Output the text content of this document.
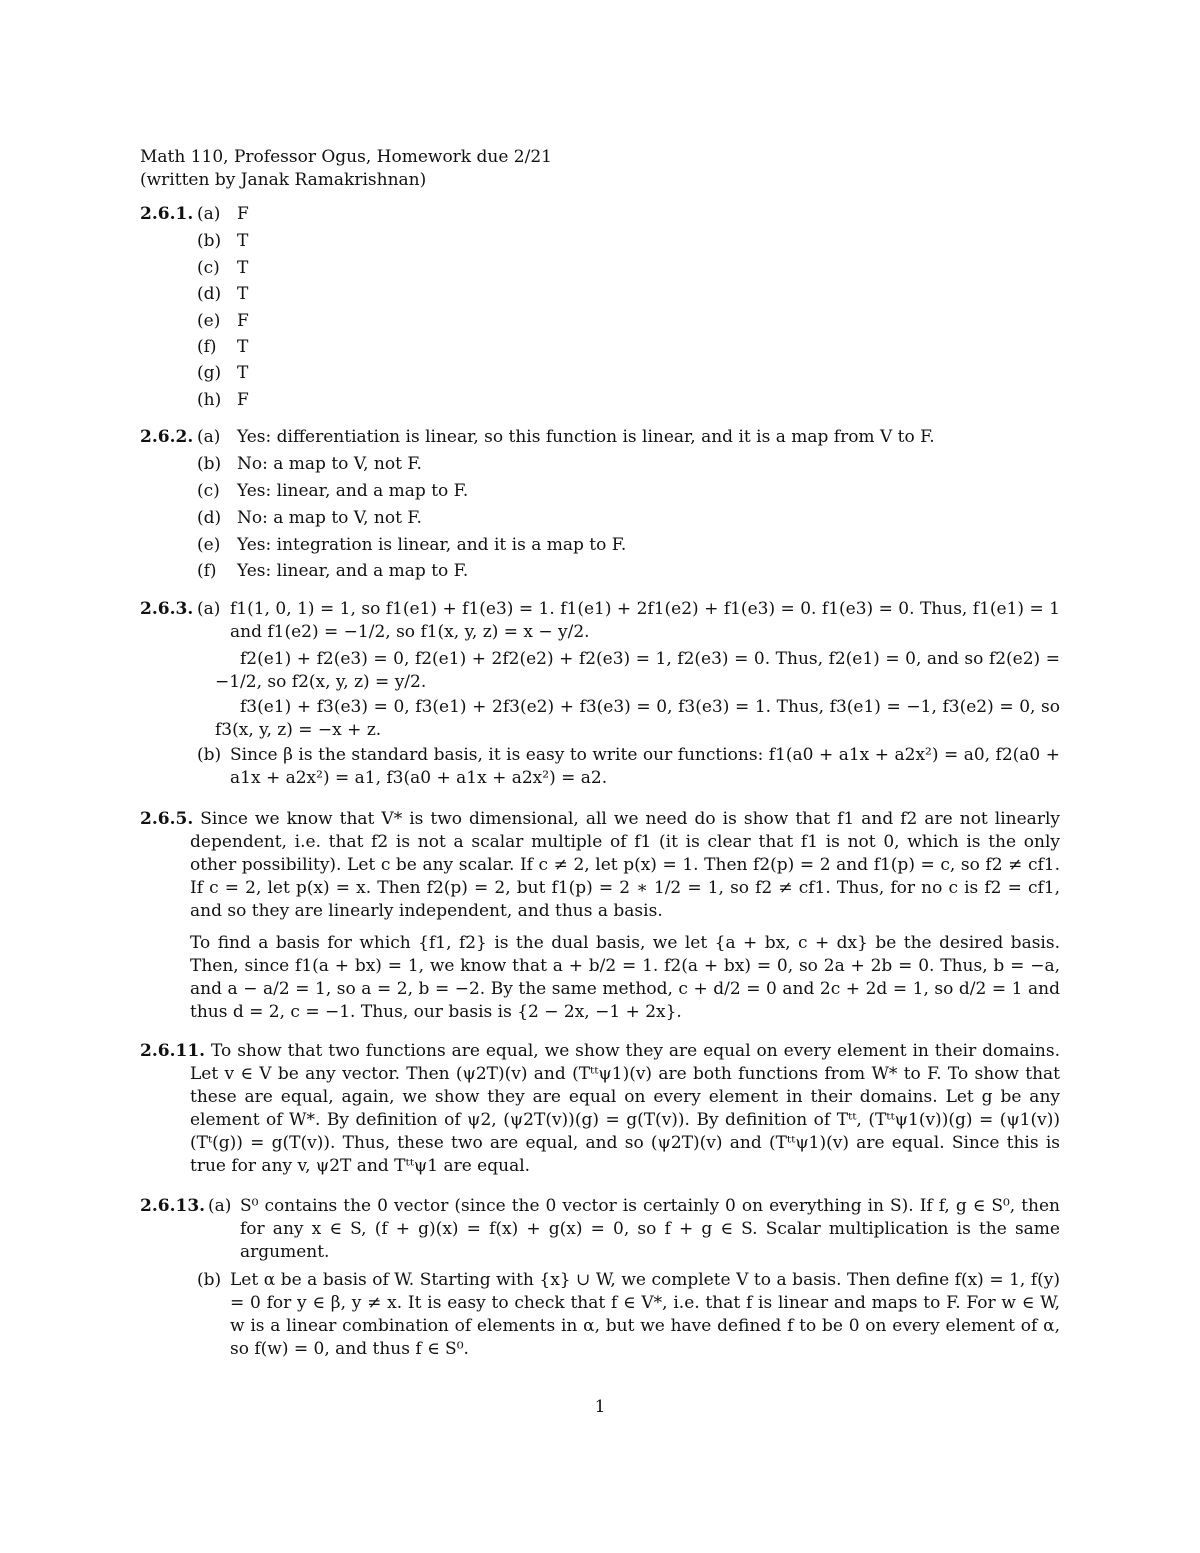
Math 110, Professor Ogus, Homework due 2/21
(written by Janak Ramakrishnan)
2.6.1. (a) F
(b) T
(c) T
(d) T
(e) F
(f) T
(g) T
(h) F
2.6.2. (a) Yes: differentiation is linear, so this function is linear, and it is a map from V to F.
(b) No: a map to V, not F.
(c) Yes: linear, and a map to F.
(d) No: a map to V, not F.
(e) Yes: integration is linear, and it is a map to F.
(f) Yes: linear, and a map to F.
2.6.3. (a) f1(1, 0, 1) = 1, so f1(e1) + f1(e3) = 1. f1(e1) + 2f1(e2) + f1(e3) = 0. f1(e3) = 0. Thus, f1(e1) = 1 and f1(e2) = −1/2, so f1(x, y, z) = x − y/2.
f2(e1) + f2(e3) = 0, f2(e1) + 2f2(e2) + f2(e3) = 1, f2(e3) = 0. Thus, f2(e1) = 0, and so f2(e2) = −1/2, so f2(x, y, z) = y/2.
f3(e1) + f3(e3) = 0, f3(e1) + 2f3(e2) + f3(e3) = 0, f3(e3) = 1. Thus, f3(e1) = −1, f3(e2) = 0, so f3(x, y, z) = −x + z.
(b) Since β is the standard basis, it is easy to write our functions: f1(a0 + a1x + a2x²) = a0, f2(a0 + a1x + a2x²) = a1, f3(a0 + a1x + a2x²) = a2.
2.6.5. Since we know that V* is two dimensional, all we need do is show that f1 and f2 are not linearly dependent, i.e. that f2 is not a scalar multiple of f1 (it is clear that f1 is not 0, which is the only other possibility). Let c be any scalar. If c ≠ 2, let p(x) = 1. Then f2(p) = 2 and f1(p) = c, so f2 ≠ cf1. If c = 2, let p(x) = x. Then f2(p) = 2, but f1(p) = 2 ∗ 1/2 = 1, so f2 ≠ cf1. Thus, for no c is f2 = cf1, and so they are linearly independent, and thus a basis.
To find a basis for which {f1, f2} is the dual basis, we let {a + bx, c + dx} be the desired basis. Then, since f1(a + bx) = 1, we know that a + b/2 = 1. f2(a + bx) = 0, so 2a + 2b = 0. Thus, b = −a, and a − a/2 = 1, so a = 2, b = −2. By the same method, c + d/2 = 0 and 2c + 2d = 1, so d/2 = 1 and thus d = 2, c = −1. Thus, our basis is {2 − 2x, −1 + 2x}.
2.6.11. To show that two functions are equal, we show they are equal on every element in their domains. Let v ∈ V be any vector. Then (ψ2T)(v) and (Tᵗᵗψ1)(v) are both functions from W* to F. To show that these are equal, again, we show they are equal on every element in their domains. Let g be any element of W*. By definition of ψ2, (ψ2T(v))(g) = g(T(v)). By definition of Tᵗᵗ, (Tᵗᵗψ1(v))(g) = (ψ1(v))(Tᵗ(g)) = g(T(v)). Thus, these two are equal, and so (ψ2T)(v) and (Tᵗᵗψ1)(v) are equal. Since this is true for any v, ψ2T and Tᵗᵗψ1 are equal.
2.6.13. (a) S⁰ contains the 0 vector (since the 0 vector is certainly 0 on everything in S). If f, g ∈ S⁰, then for any x ∈ S, (f + g)(x) = f(x) + g(x) = 0, so f + g ∈ S. Scalar multiplication is the same argument.
(b) Let α be a basis of W. Starting with {x} ∪ W, we complete V to a basis. Then define f(x) = 1, f(y) = 0 for y ∈ β, y ≠ x. It is easy to check that f ∈ V*, i.e. that f is linear and maps to F. For w ∈ W, w is a linear combination of elements in α, but we have defined f to be 0 on every element of α, so f(w) = 0, and thus f ∈ S⁰.
1
